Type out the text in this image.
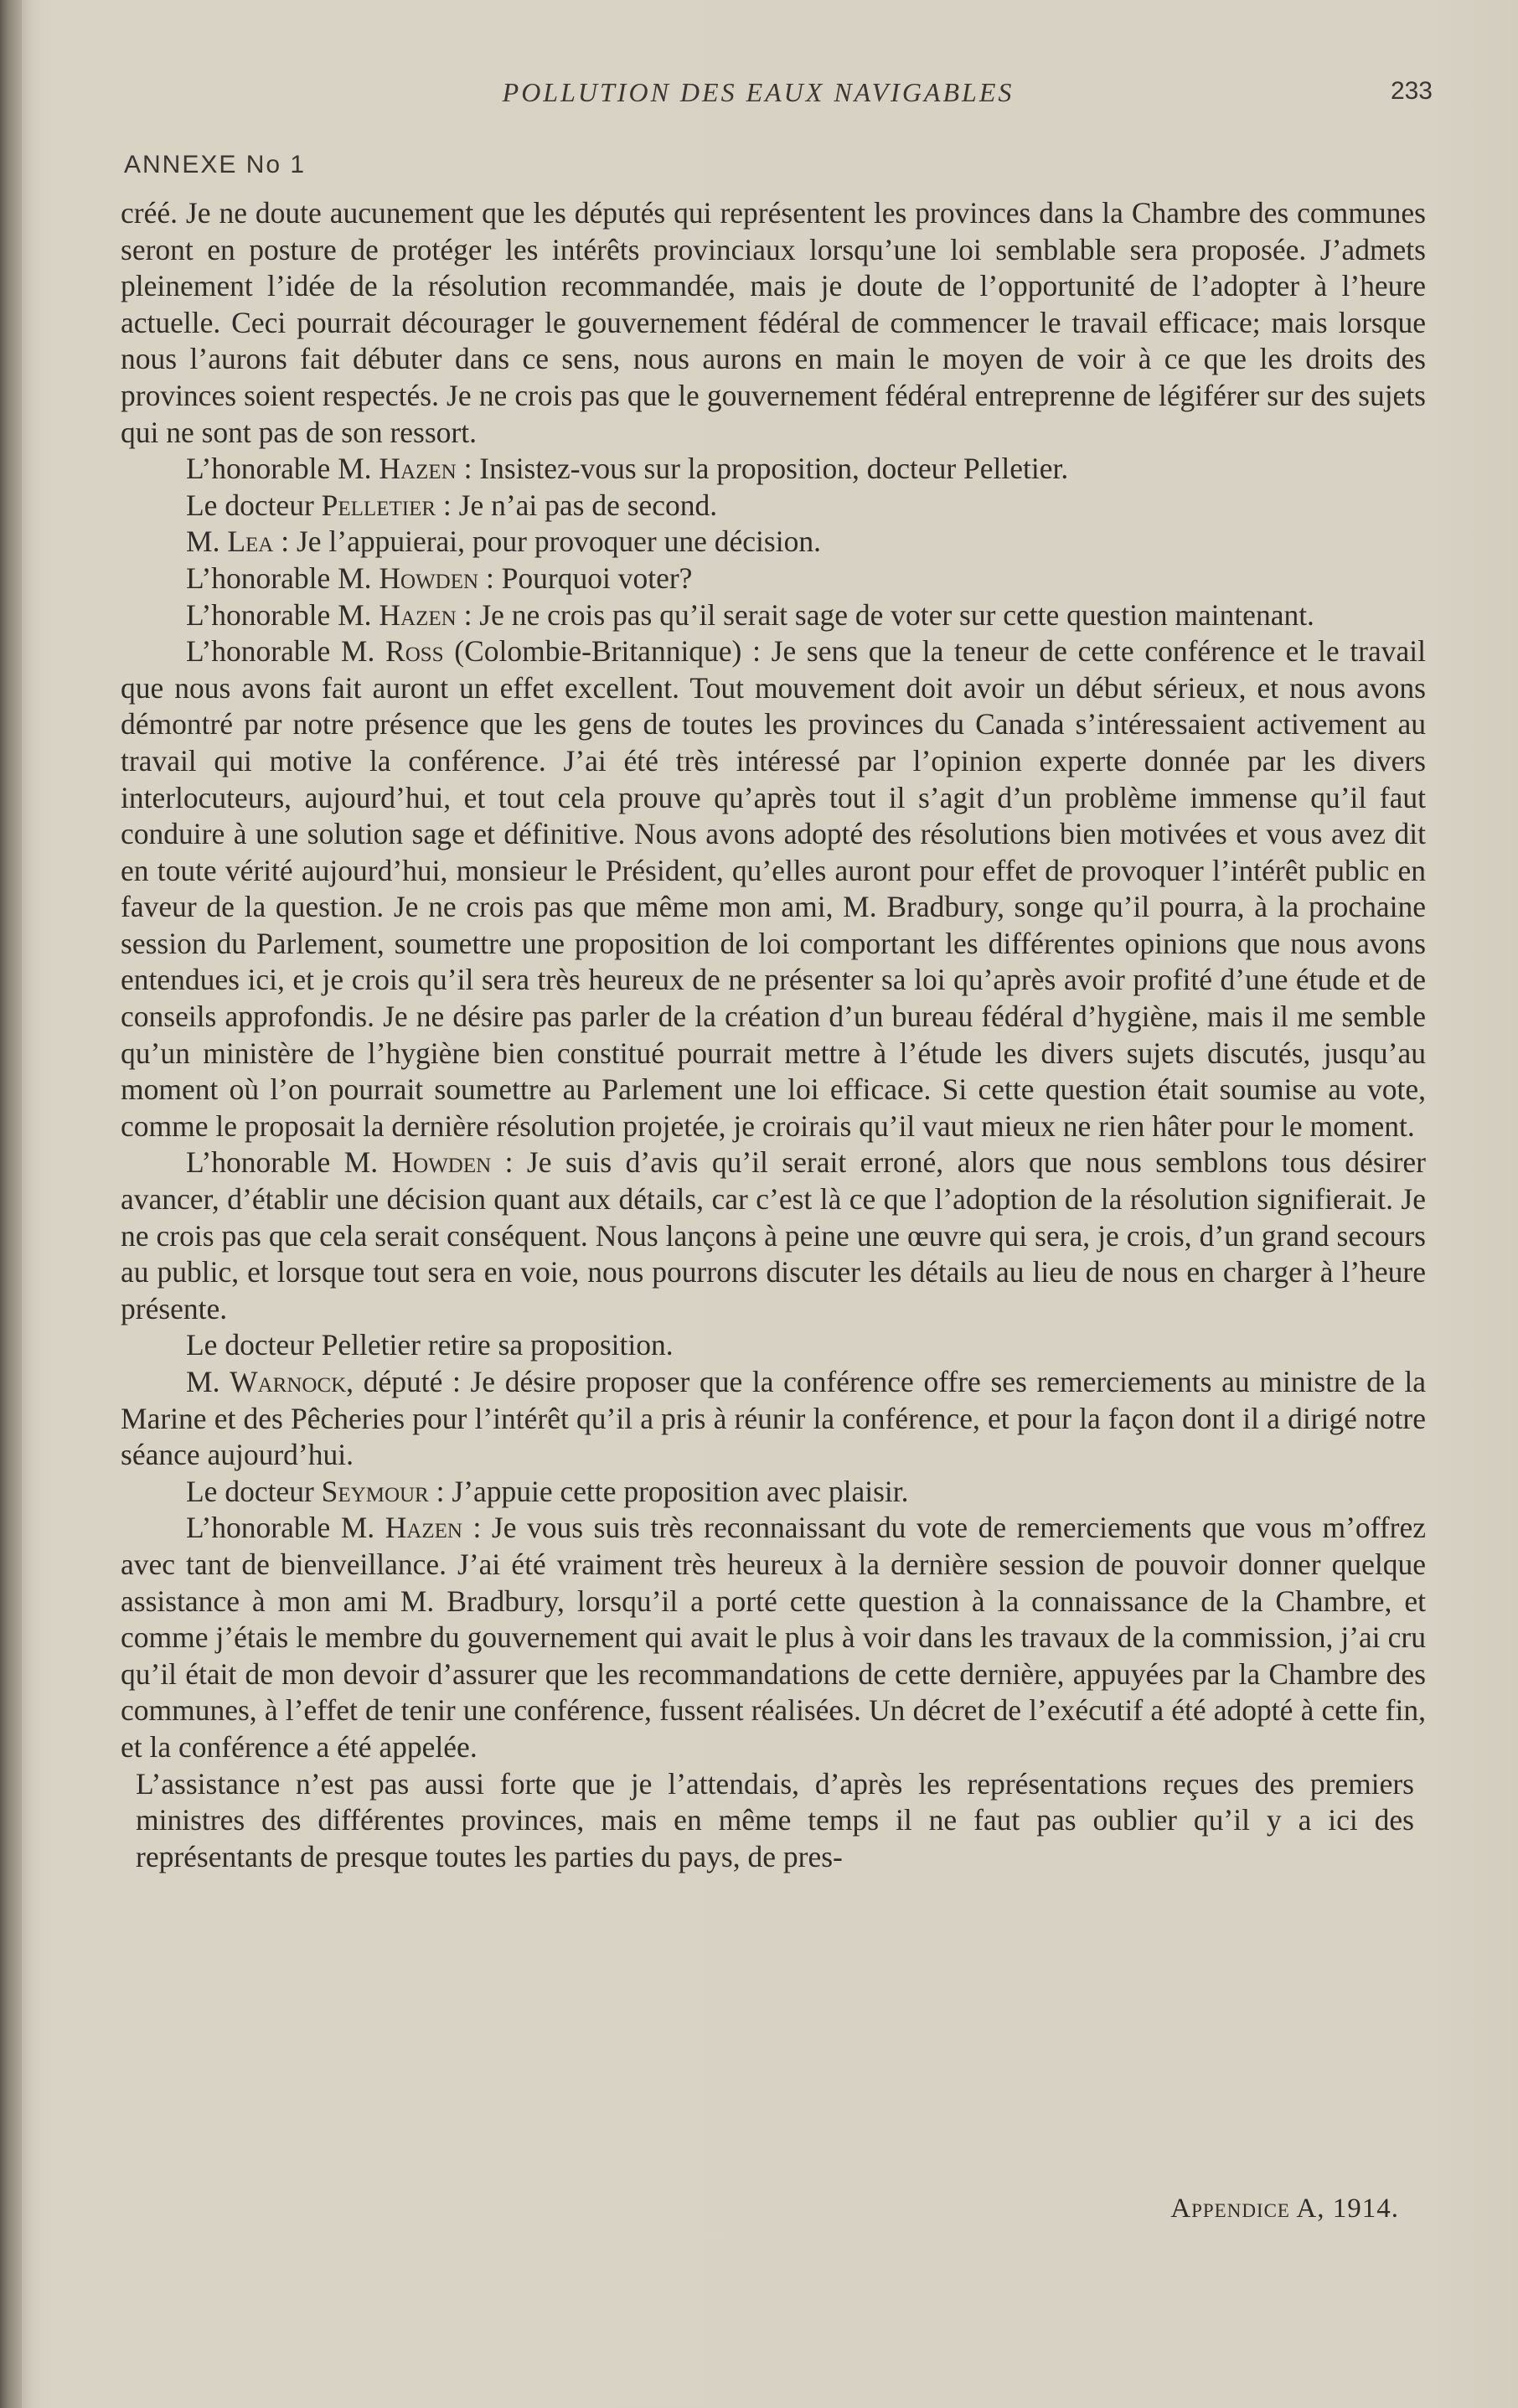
POLLUTION DES EAUX NAVIGABLES	233
ANNEXE No 1

créé. Je ne doute aucunement que les députés qui représentent les provinces dans la Chambre des communes seront en posture de protéger les intérêts provinciaux lorsqu’une loi semblable sera proposée. J’admets pleinement l’idée de la résolution recommandée, mais je doute de l’opportunité de l’adopter à l’heure actuelle. Ceci pourrait décourager le gouvernement fédéral de commencer le travail efficace; mais lorsque nous l’aurons fait débuter dans ce sens, nous aurons en main le moyen de voir à ce que les droits des provinces soient respectés. Je ne crois pas que le gouvernement fédéral entreprenne de légiférer sur des sujets qui ne sont pas de son ressort.

L’honorable M. Hazen : Insistez-vous sur la proposition, docteur Pelletier.

Le docteur Pelletier : Je n’ai pas de second.

M. Lea : Je l’appuierai, pour provoquer une décision.

L’honorable M. Howden : Pourquoi voter?

L’honorable M. Hazen : Je ne crois pas qu’il serait sage de voter sur cette question maintenant.

L’honorable M. Ross (Colombie-Britannique) : Je sens que la teneur de cette conférence et le travail que nous avons fait auront un effet excellent. Tout mouvement doit avoir un début sérieux, et nous avons démontré par notre présence que les gens de toutes les provinces du Canada s’intéressaient activement au travail qui motive la conférence. J’ai été très intéressé par l’opinion experte donnée par les divers interlocuteurs, aujourd’hui, et tout cela prouve qu’après tout il s’agit d’un problème immense qu’il faut conduire à une solution sage et définitive. Nous avons adopté des résolutions bien motivées et vous avez dit en toute vérité aujourd’hui, monsieur le Président, qu’elles auront pour effet de provoquer l’intérêt public en faveur de la question. Je ne crois pas que même mon ami, M. Bradbury, songe qu’il pourra, à la prochaine session du Parlement, soumettre une proposition de loi comportant les différentes opinions que nous avons entendues ici, et je crois qu’il sera très heureux de ne présenter sa loi qu’après avoir profité d’une étude et de conseils approfondis. Je ne désire pas parler de la création d’un bureau fédéral d’hygiène, mais il me semble qu’un ministère de l’hygiène bien constitué pourrait mettre à l’étude les divers sujets discutés, jusqu’au moment où l’on pourrait soumettre au Parlement une loi efficace. Si cette question était soumise au vote, comme le proposait la dernière résolution projetée, je croirais qu’il vaut mieux ne rien hâter pour le moment.

L’honorable M. Howden : Je suis d’avis qu’il serait erroné, alors que nous semblons tous désirer avancer, d’établir une décision quant aux détails, car c’est là ce que l’adoption de la résolution signifierait. Je ne crois pas que cela serait conséquent. Nous lançons à peine une œuvre qui sera, je crois, d’un grand secours au public, et lorsque tout sera en voie, nous pourrons discuter les détails au lieu de nous en charger à l’heure présente.

Le docteur Pelletier retire sa proposition.

M. Warnock, député : Je désire proposer que la conférence offre ses remerciements au ministre de la Marine et des Pêcheries pour l’intérêt qu’il a pris à réunir la conférence, et pour la façon dont il a dirigé notre séance aujourd’hui.

Le docteur Seymour : J’appuie cette proposition avec plaisir.

L’honorable M. Hazen : Je vous suis très reconnaissant du vote de remerciements que vous m’offrez avec tant de bienveillance. J’ai été vraiment très heureux à la dernière session de pouvoir donner quelque assistance à mon ami M. Bradbury, lorsqu’il a porté cette question à la connaissance de la Chambre, et comme j’étais le membre du gouvernement qui avait le plus à voir dans les travaux de la commission, j’ai cru qu’il était de mon devoir d’assurer que les recommandations de cette dernière, appuyées par la Chambre des communes, à l’effet de tenir une conférence, fussent réalisées. Un décret de l’exécutif a été adopté à cette fin, et la conférence a été appelée.

L’assistance n’est pas aussi forte que je l’attendais, d’après les représentations reçues des premiers ministres des différentes provinces, mais en même temps il ne faut pas oublier qu’il y a ici des représentants de presque toutes les parties du pays, de pres-

Appendice A, 1914.
